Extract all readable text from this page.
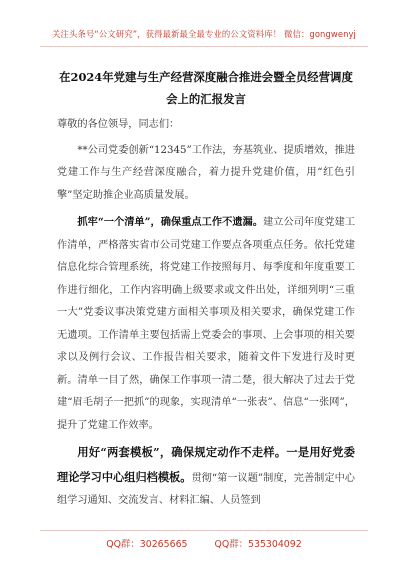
关注头条号“公文研究”，获得最新最全最专业的公文资料库！ 微信：gongwenyj
在2024年党建与生产经营深度融合推进会暨全员经营调度
会上的汇报发言

尊敬的各位领导，同志们：

**公司党委创新“12345”工作法，夯基筑业、提质增效，推进党建工作与生产经营深度融合，着力提升党建价值，用“红色引擎”坚定助推企业高质量发展。

抓牢“一个清单”，确保重点工作不遗漏。建立公司年度党建工作清单，严格落实省市公司党建工作要点各项重点任务。依托党建信息化综合管理系统，将党建工作按照每月、每季度和年度重要工作进行细化，工作内容明确上级要求或文件出处，详细列明“三重一大”党委议事决策党建方面相关事项及相关要求，确保党建工作无遗项。工作清单主要包括需上党委会的事项、上会事项的相关要求以及例行会议、工作报告相关要求，随着文件下发进行及时更新。清单一目了然，确保工作事项一清二楚，很大解决了过去于党建“眉毛胡子一把抓”的现象，实现清单“一张表”、信息“一张网”，提升了党建工作效率。

用好“两套模板”，确保规定动作不走样。一是用好党委理论学习中心组归档模板。贯彻“第一议题”制度，完善制定中心组学习通知、交流发言、材料汇编、人员签到

QQ群：30265665	QQ群：535304092
